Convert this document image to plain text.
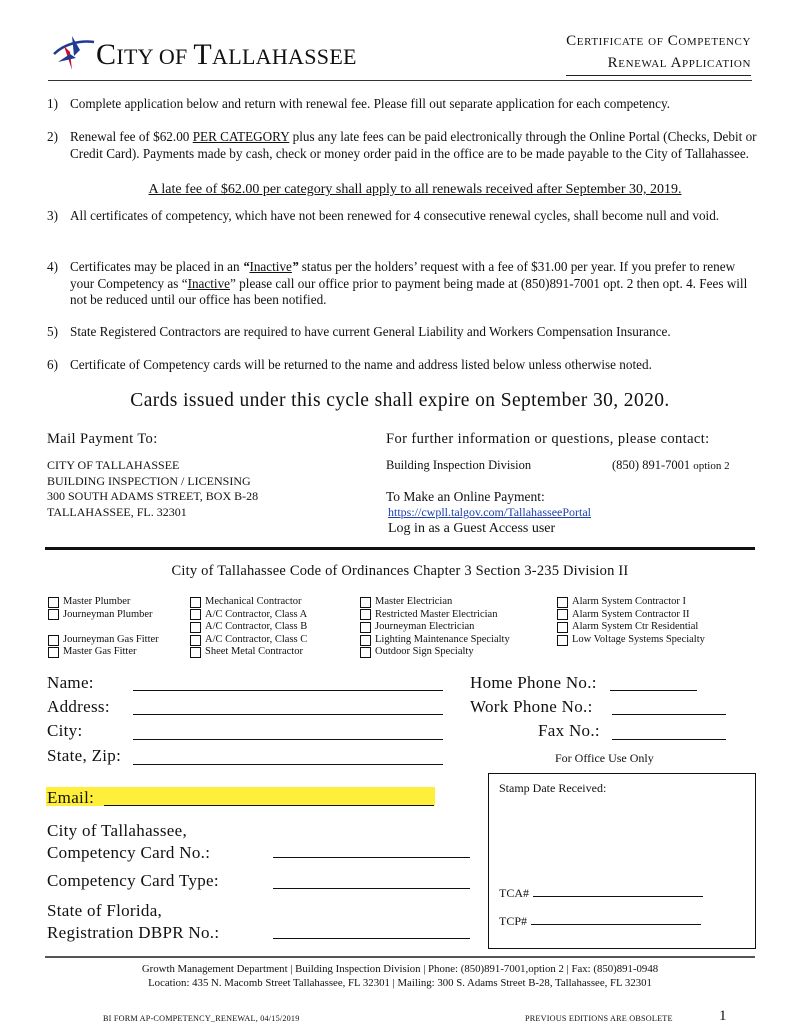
CITY OF TALLAHASSEE
Certificate of Competency
Renewal Application
1) Complete application below and return with renewal fee. Please fill out separate application for each competency.
2) Renewal fee of $62.00 PER CATEGORY plus any late fees can be paid electronically through the Online Portal (Checks, Debit or Credit Card). Payments made by cash, check or money order paid in the office are to be made payable to the City of Tallahassee.
A late fee of $62.00 per category shall apply to all renewals received after September 30, 2019.
3) All certificates of competency, which have not been renewed for 4 consecutive renewal cycles, shall become null and void.
4) Certificates may be placed in an “Inactive” status per the holders’ request with a fee of $31.00 per year. If you prefer to renew your Competency as “Inactive” please call our office prior to payment being made at (850)891-7001 opt. 2 then opt. 4. Fees will not be reduced until our office has been notified.
5) State Registered Contractors are required to have current General Liability and Workers Compensation Insurance.
6) Certificate of Competency cards will be returned to the name and address listed below unless otherwise noted.
Cards issued under this cycle shall expire on September 30, 2020.
Mail Payment To:
CITY OF TALLAHASSEE
BUILDING INSPECTION / LICENSING
300 SOUTH ADAMS STREET, BOX B-28
TALLAHASSEE, FL. 32301
For further information or questions, please contact:
Building Inspection Division	(850) 891-7001 option 2
To Make an Online Payment:
https://cwpll.talgov.com/TallahasseePortal
Log in as a Guest Access user
City of Tallahassee Code of Ordinances Chapter 3 Section 3-235 Division II
Master Plumber
Journeyman Plumber
Journeyman Gas Fitter
Master Gas Fitter
Mechanical Contractor
A/C Contractor, Class A
A/C Contractor, Class B
A/C Contractor, Class C
Sheet Metal Contractor
Master Electrician
Restricted Master Electrician
Journeyman Electrician
Lighting Maintenance Specialty
Outdoor Sign Specialty
Alarm System Contractor I
Alarm System Contractor II
Alarm System Ctr Residential
Low Voltage Systems Specialty
Name:
Address:
City:
State, Zip:
Email:
Home Phone No.:
Work Phone No.:
Fax No.:
City of Tallahassee,
Competency Card No.:
Competency Card Type:
State of Florida,
Registration DBPR No.:
For Office Use Only
Stamp Date Received:
TCA#
TCP#
Growth Management Department | Building Inspection Division | Phone: (850)891-7001,option 2 | Fax: (850)891-0948
Location: 435 N. Macomb Street Tallahassee, FL 32301 | Mailing: 300 S. Adams Street B-28, Tallahassee, FL 32301
BI FORM AP-COMPETENCY_RENEWAL, 04/15/2019	PREVIOUS EDITIONS ARE OBSOLETE	1
